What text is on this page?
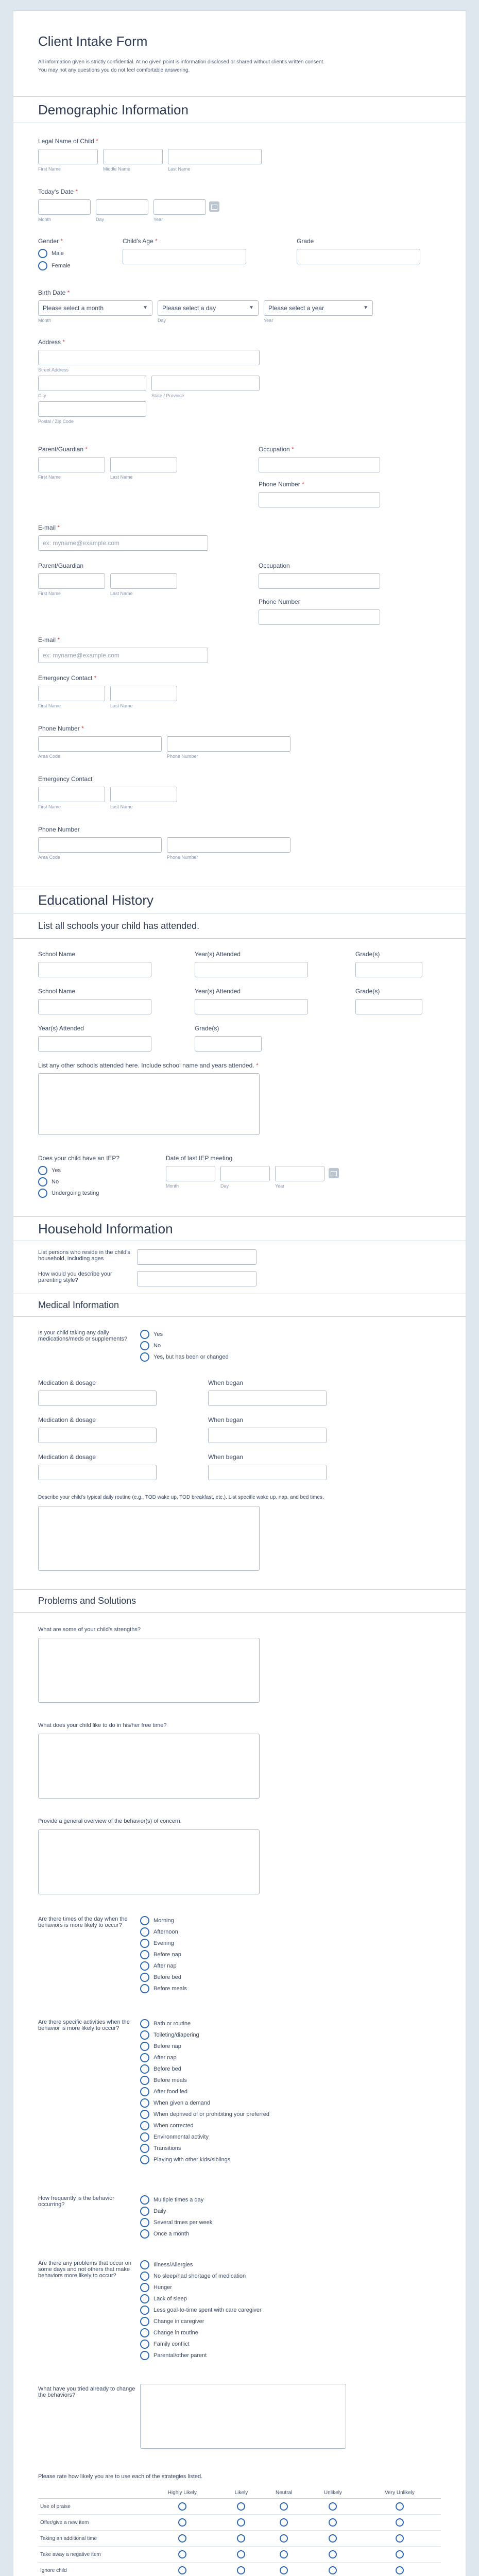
Client Intake Form
All information given is strictly confidential. At no given point is information disclosed or shared without client's written consent.
You may not any questions you do not feel comfortable answering.
Demographic Information
Legal Name of Child *
First Name	Middle Name	Last Name
Today's Date *
Month	Day	Year
Gender *
Male
Female
Child's Age *	Grade
Birth Date *
Please select a month	▼	Please select a day	▼	Please select a year	▼
Month	Day	Year
Address *
Street Address
City	State / Province
Postal / Zip Code
Parent/Guardian *
First Name	Last Name
Occupation *
Phone Number *
E-mail *
ex: myname@example.com
Parent/Guardian
First Name	Last Name
Occupation
Phone Number
E-mail *
ex: myname@example.com
Emergency Contact *
First Name	Last Name
Phone Number *
Area Code	Phone Number
Emergency Contact
First Name	Last Name
Phone Number
Area Code	Phone Number
Educational History
List all schools your child has attended.
School Name	Year(s) Attended	Grade(s)
School Name	Year(s) Attended	Grade(s)
Year(s) Attended	Grade(s)
List any other schools attended here. Include school name and years attended. *
Does your child have an IEP?
Yes
No
Undergoing testing
Date of last IEP meeting
Month	Day	Year
Household Information
List persons who reside in the child's household, including ages
How would you describe your parenting style?
Medical Information
Is your child taking any daily medications/meds or supplements?
Yes
No
Yes, but has been or changed
Medication & dosage	When began
Medication & dosage	When began
Medication & dosage	When began
Describe your child's typical daily routine (e.g., TOD wake up, TOD breakfast, etc.). List specific wake up, nap, and bed times.
Problems and Solutions
What are some of your child's strengths?
What does your child like to do in his/her free time?
Provide a general overview of the behavior(s) of concern.
Are there times of the day when the behaviors is more likely to occur?
Morning
Afternoon
Evening
Before nap
After nap
Before bed
Before meals
Are there specific activities when the behavior is more likely to occur?
Bath or routine
Toileting/diapering
Before nap
After nap
Before bed
Before meals
After food fed
When given a demand
When deprived of or prohibiting your preferred
When corrected
Environmental activity
Transitions
Playing with other kids/siblings
How frequently is the behavior occurring?
Multiple times a day
Daily
Several times per week
Once a month
Are there any problems that occur on some days and not others that make behaviors more likely to occur?
Illness/Allergies
No sleep/had shortage of medication
Hunger
Lack of sleep
Less goal-to-time spent with care caregiver
Change in caregiver
Change in routine
Family conflict
Parental/other parent
What have you tried already to change the behaviors?
Please rate how likely you are to use each of the strategies listed.
	Highly Likely	Likely	Neutral	Unlikely	Very Unlikely
Use of praise					
Offer/give a new item					
Taking an additional time					
Take away a negative item					
Ignore child					
